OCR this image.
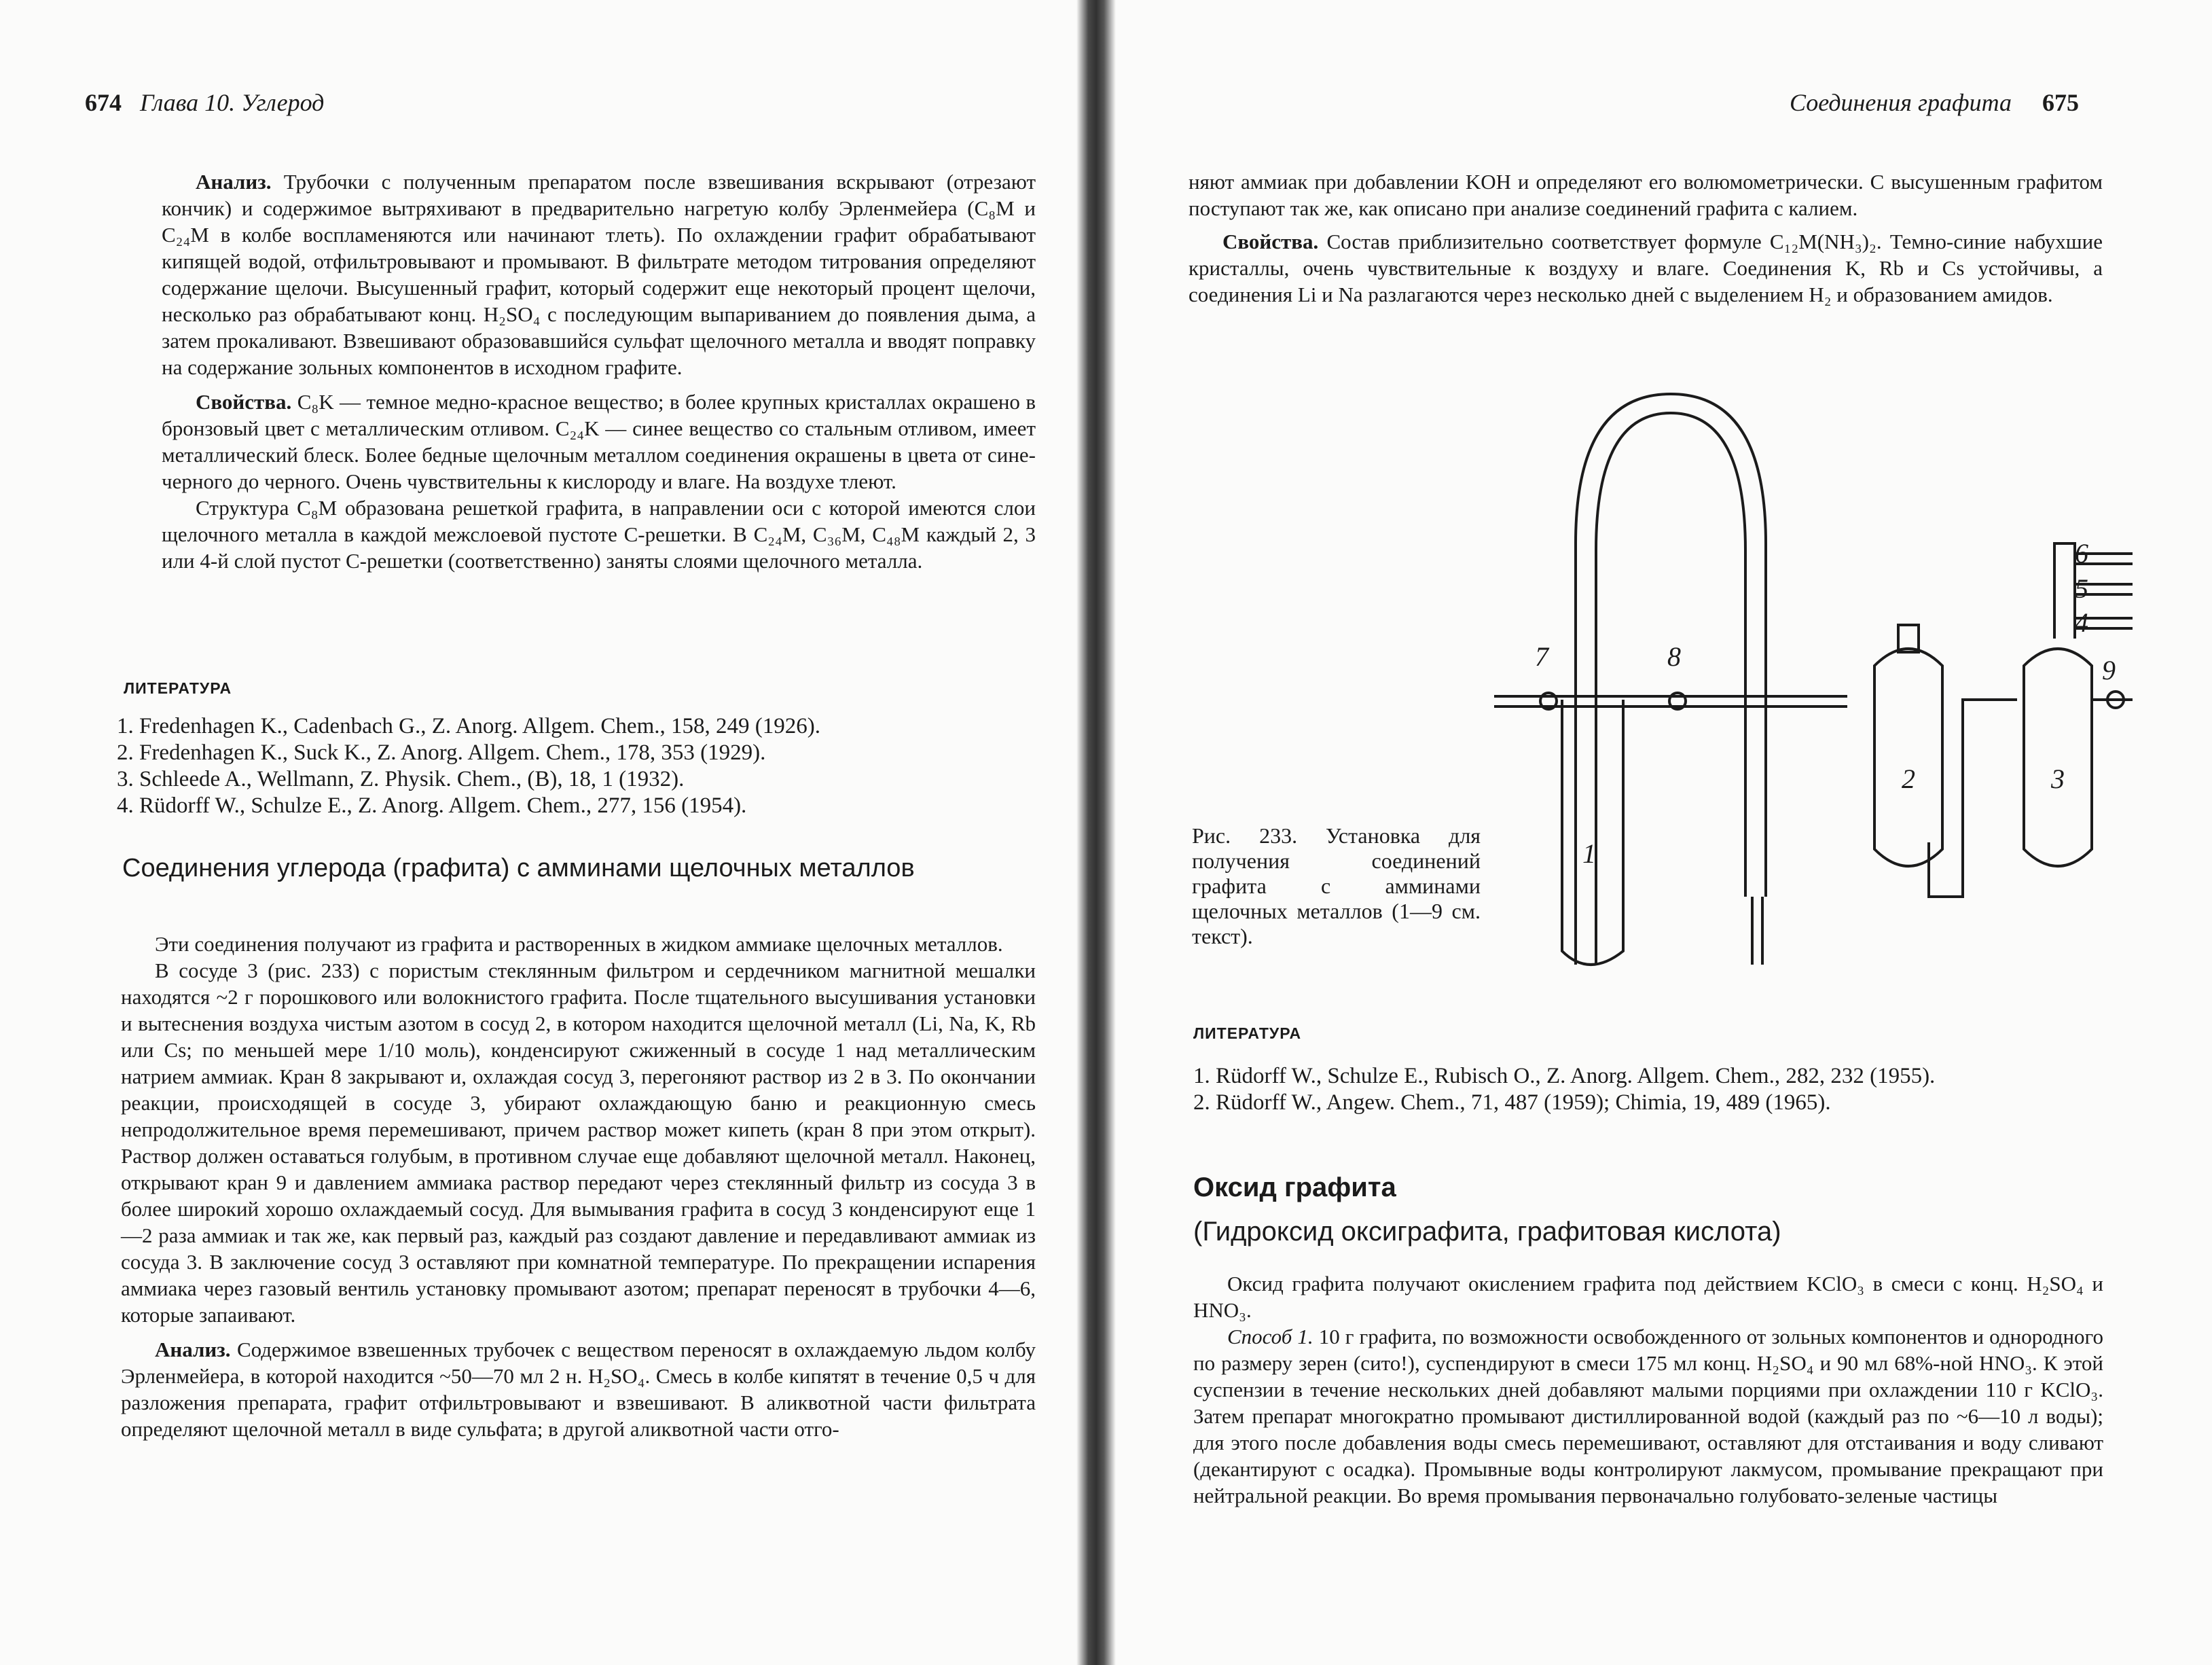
674 Глава 10. Углерод

Анализ. Трубочки с полученным препаратом после взвешивания вскрывают (отрезают кончик) и содержимое вытряхивают в предварительно нагретую колбу Эрленмейера (C₈M и C₂₄M в колбе воспламеняются или начинают тлеть). По охлаждении графит обрабатывают кипящей водой, отфильтровывают и промывают. В фильтрате методом титрования определяют содержание щелочи. Высушенный графит, который содержит еще некоторый процент щелочи, несколько раз обрабатывают конц. H₂SO₄ с последующим выпариванием до появления дыма, а затем прокаливают. Взвешивают образовавшийся сульфат щелочного металла и вводят поправку на содержание зольных компонентов в исходном графите.

Свойства. C₈K — темное медно-красное вещество; в более крупных кристаллах окрашено в бронзовый цвет с металлическим отливом. C₂₄K — синее вещество со стальным отливом, имеет металлический блеск. Более бедные щелочным металлом соединения окрашены в цвета от сине-черного до черного. Очень чувствительны к кислороду и влаге. На воздухе тлеют.

Структура C₈M образована решеткой графита, в направлении оси c которой имеются слои щелочного металла в каждой межслоевой пустоте C-решетки. В C₂₄M, C₃₆M, C₄₈M каждый 2, 3 или 4-й слой пустот C-решетки (соответственно) заняты слоями щелочного металла.

ЛИТЕРАТУРА
1. Fredenhagen K., Cadenbach G., Z. Anorg. Allgem. Chem., 158, 249 (1926).
2. Fredenhagen K., Suck K., Z. Anorg. Allgem. Chem., 178, 353 (1929).
3. Schleede A., Wellmann, Z. Physik. Chem., (B), 18, 1 (1932).
4. Rüdorff W., Schulze E., Z. Anorg. Allgem. Chem., 277, 156 (1954).
Соединения углерода (графита) с амминами щелочных металлов

Эти соединения получают из графита и растворенных в жидком аммиаке щелочных металлов.

В сосуде 3 (рис. 233) с пористым стеклянным фильтром и сердечником магнитной мешалки находятся ~2 г порошкового или волокнистого графита. После тщательного высушивания установки и вытеснения воздуха чистым азотом в сосуд 2, в котором находится щелочной металл (Li, Na, K, Rb или Cs; по меньшей мере 1/10 моль), конденсируют сжиженный в сосуде 1 над металлическим натрием аммиак. Кран 8 закрывают и, охлаждая сосуд 3, перегоняют раствор из 2 в 3. По окончании реакции, происходящей в сосуде 3, убирают охлаждающую баню и реакционную смесь непродолжительное время перемешивают, причем раствор может кипеть (кран 8 при этом открыт). Раствор должен оставаться голубым, в противном случае еще добавляют щелочной металл. Наконец, открывают кран 9 и давлением аммиака раствор передают через стеклянный фильтр из сосуда 3 в более широкий хорошо охлаждаемый сосуд. Для вымывания графита в сосуд 3 конденсируют еще 1—2 раза аммиак и так же, как первый раз, каждый раз создают давление и передавливают аммиак из сосуда 3. В заключение сосуд 3 оставляют при комнатной температуре. По прекращении испарения аммиака через газовый вентиль установку промывают азотом; препарат переносят в трубочки 4—6, которые запаивают.

Анализ. Содержимое взвешенных трубочек с веществом переносят в охлаждаемую льдом колбу Эрленмейера, в которой находится ~50—70 мл 2 н. H₂SO₄. Смесь в колбе кипятят в течение 0,5 ч для разложения препарата, графит отфильтровывают и взвешивают. В аликвотной части фильтрата определяют щелочной металл в виде сульфата; в другой аликвотной части отго-

Соединения графита 675

няют аммиак при добавлении KOH и определяют его волюмометрически. С высушенным графитом поступают так же, как описано при анализе соединений графита с калием.

Свойства. Состав приблизительно соответствует формуле C₁₂M(NH₃)₂. Темно-синие набухшие кристаллы, очень чувствительные к воздуху и влаге. Соединения K, Rb и Cs устойчивы, а соединения Li и Na разлагаются через несколько дней с выделением H₂ и образованием амидов.

7	8	9
1
2	3
4
5
6
Рис. 233. Установка для получения соединений графита с амминами щелочных металлов (1—9 см. текст).
ЛИТЕРАТУРА
1. Rüdorff W., Schulze E., Rubisch O., Z. Anorg. Allgem. Chem., 282, 232 (1955).
2. Rüdorff W., Angew. Chem., 71, 487 (1959); Chimia, 19, 489 (1965).
Оксид графита
(Гидроксид оксиграфита, графитовая кислота)

Оксид графита получают окислением графита под действием KClO₃ в смеси с конц. H₂SO₄ и HNO₃.

Способ 1. 10 г графита, по возможности освобожденного от зольных компонентов и однородного по размеру зерен (сито!), суспендируют в смеси 175 мл конц. H₂SO₄ и 90 мл 68%-ной HNO₃. К этой суспензии в течение нескольких дней добавляют малыми порциями при охлаждении 110 г KClO₃. Затем препарат многократно промывают дистиллированной водой (каждый раз по ~6—10 л воды); для этого после добавления воды смесь перемешивают, оставляют для отстаивания и воду сливают (декантируют с осадка). Промывные воды контролируют лакмусом, промывание прекращают при нейтральной реакции. Во время промывания первоначально голубовато-зеленые частицы
